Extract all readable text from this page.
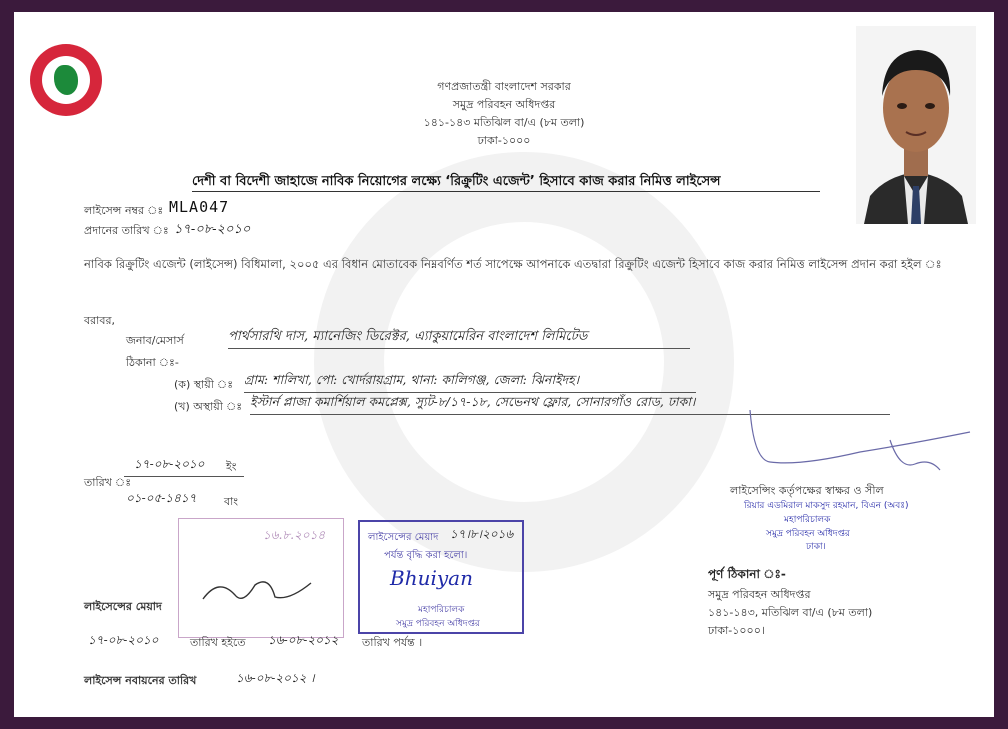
গণপ্রজাতন্ত্রী বাংলাদেশ সরকার
সমুদ্র পরিবহন অধিদপ্তর
১৪১-১৪৩ মতিঝিল বা/এ (৮ম তলা)
ঢাকা-১০০০
দেশী বা বিদেশী জাহাজে নাবিক নিয়োগের লক্ষ্যে ‘রিক্রুটিং এজেন্ট’ হিসাবে কাজ করার নিমিত্ত লাইসেন্স
লাইসেন্স নম্বর ঃ MLA047
প্রদানের তারিখ ঃ ১৭-০৮-২০১০
নাবিক রিক্রুটিং এজেন্ট (লাইসেন্স) বিধিমালা, ২০০৫ এর বিধান মোতাবেক নিম্নবর্ণিত শর্ত সাপেক্ষে আপনাকে এতদ্বারা রিক্রুটিং এজেন্ট হিসাবে কাজ করার নিমিত্ত লাইসেন্স প্রদান করা হইল ঃ
বরাবর,
জনাব/মেসার্স	পার্থসারথি দাস, ম্যানেজিং ডিরেক্টর, এ্যাকুয়ামেরিন বাংলাদেশ লিমিটেড
ঠিকানা ঃ-
(ক) স্থায়ী ঃ গ্রাম: শালিখা, পো: খোর্দরায়গ্রাম, থানা: কালিগঞ্জ, জেলা: ঝিনাইদহ।
(খ) অস্থায়ী ঃ ইস্টার্ন প্লাজা কমার্শিয়াল কমপ্লেক্স, স্যুট-৮/১৭-১৮, সেভেনথ ফ্লোর, সোনারগাঁও রোড, ঢাকা।
১৭-০৮-২০১০ ইং
তারিখ ঃ
০১-০৫-১৪১৭	বাং
লাইসেন্সিং কর্তৃপক্ষের স্বাক্ষর ও সীল
রিয়ার এডমিরাল মাকসুদ রহমান, বিএন (অবঃ)
মহাপরিচালক
সমুদ্র পরিবহন অধিদপ্তর
ঢাকা।
পূর্ণ ঠিকানা ঃ-
সমুদ্র পরিবহন অধিদপ্তর
১৪১-১৪৩, মতিঝিল বা/এ (৮ম তলা)
ঢাকা-১০০০।
১৬.৮.২০১৪	লাইসেন্সের মেয়াদ ১৭।৮।২০১৬
পর্যন্ত বৃদ্ধি করা হলো।
Bhuiyan
মহাপরিচালক
সমুদ্র পরিবহন অধিদপ্তর
লাইসেন্সের মেয়াদ
১৭-০৮-২০১০	তারিখ হইতে ১৬-০৮-২০১২ তারিখ পর্যন্ত ।
লাইসেন্স নবায়নের তারিখ	১৬-০৮-২০১২ ।
